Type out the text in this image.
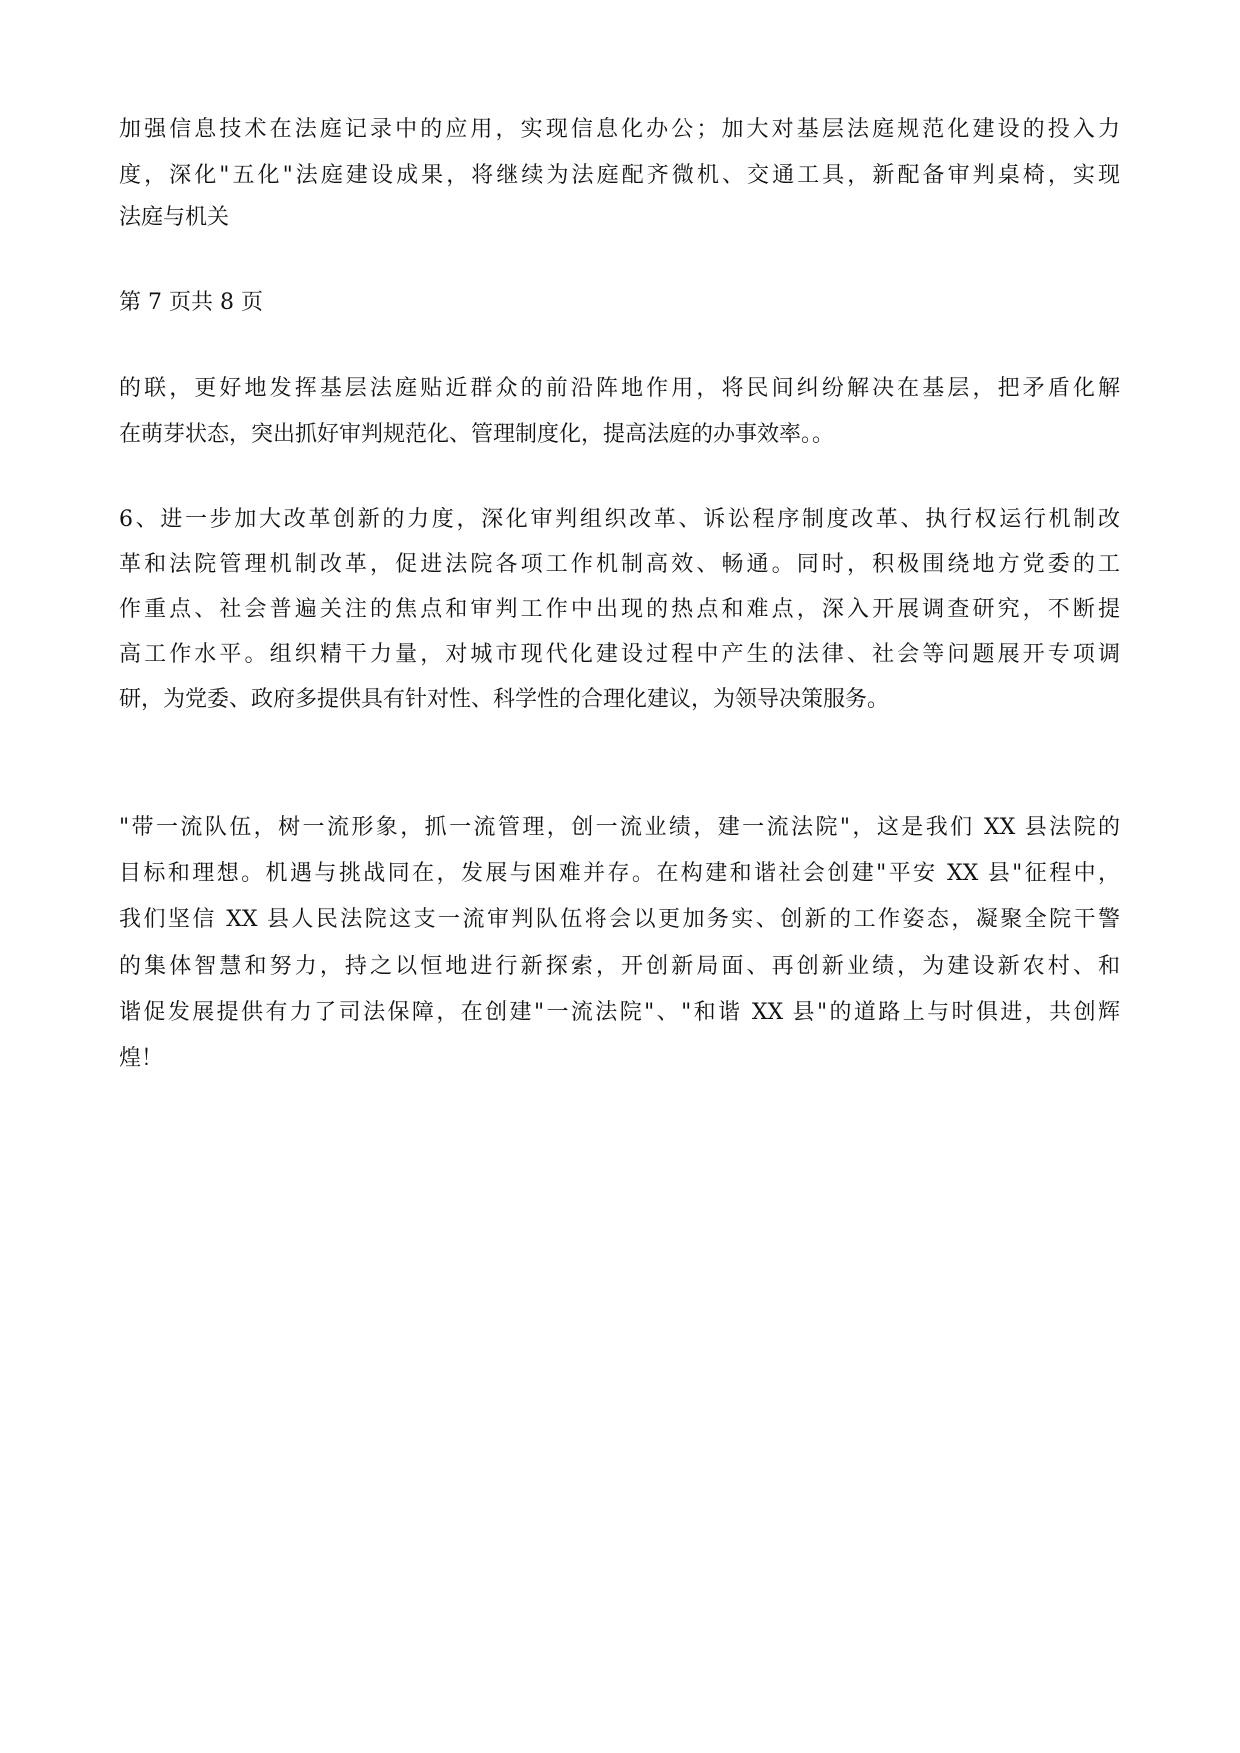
加强信息技术在法庭记录中的应用，实现信息化办公；加大对基层法庭规范化建设的投入力
度，深化"五化"法庭建设成果，将继续为法庭配齐微机、交通工具，新配备审判桌椅，实现
法庭与机关
第 7 页共 8 页
的联，更好地发挥基层法庭贴近群众的前沿阵地作用，将民间纠纷解决在基层，把矛盾化解
在萌芽状态，突出抓好审判规范化、管理制度化，提高法庭的办事效率。。
6、进一步加大改革创新的力度，深化审判组织改革、诉讼程序制度改革、执行权运行机制改
革和法院管理机制改革，促进法院各项工作机制高效、畅通。同时，积极围绕地方党委的工
作重点、社会普遍关注的焦点和审判工作中出现的热点和难点，深入开展调查研究，不断提
高工作水平。组织精干力量，对城市现代化建设过程中产生的法律、社会等问题展开专项调
研，为党委、政府多提供具有针对性、科学性的合理化建议，为领导决策服务。
"带一流队伍，树一流形象，抓一流管理，创一流业绩，建一流法院"，这是我们 XX 县法院的
目标和理想。机遇与挑战同在，发展与困难并存。在构建和谐社会创建"平安 XX 县"征程中，
我们坚信 XX 县人民法院这支一流审判队伍将会以更加务实、创新的工作姿态，凝聚全院干警
的集体智慧和努力，持之以恒地进行新探索，开创新局面、再创新业绩，为建设新农村、和
谐促发展提供有力了司法保障，在创建"一流法院"、"和谐 XX 县"的道路上与时俱进，共创辉
煌！
